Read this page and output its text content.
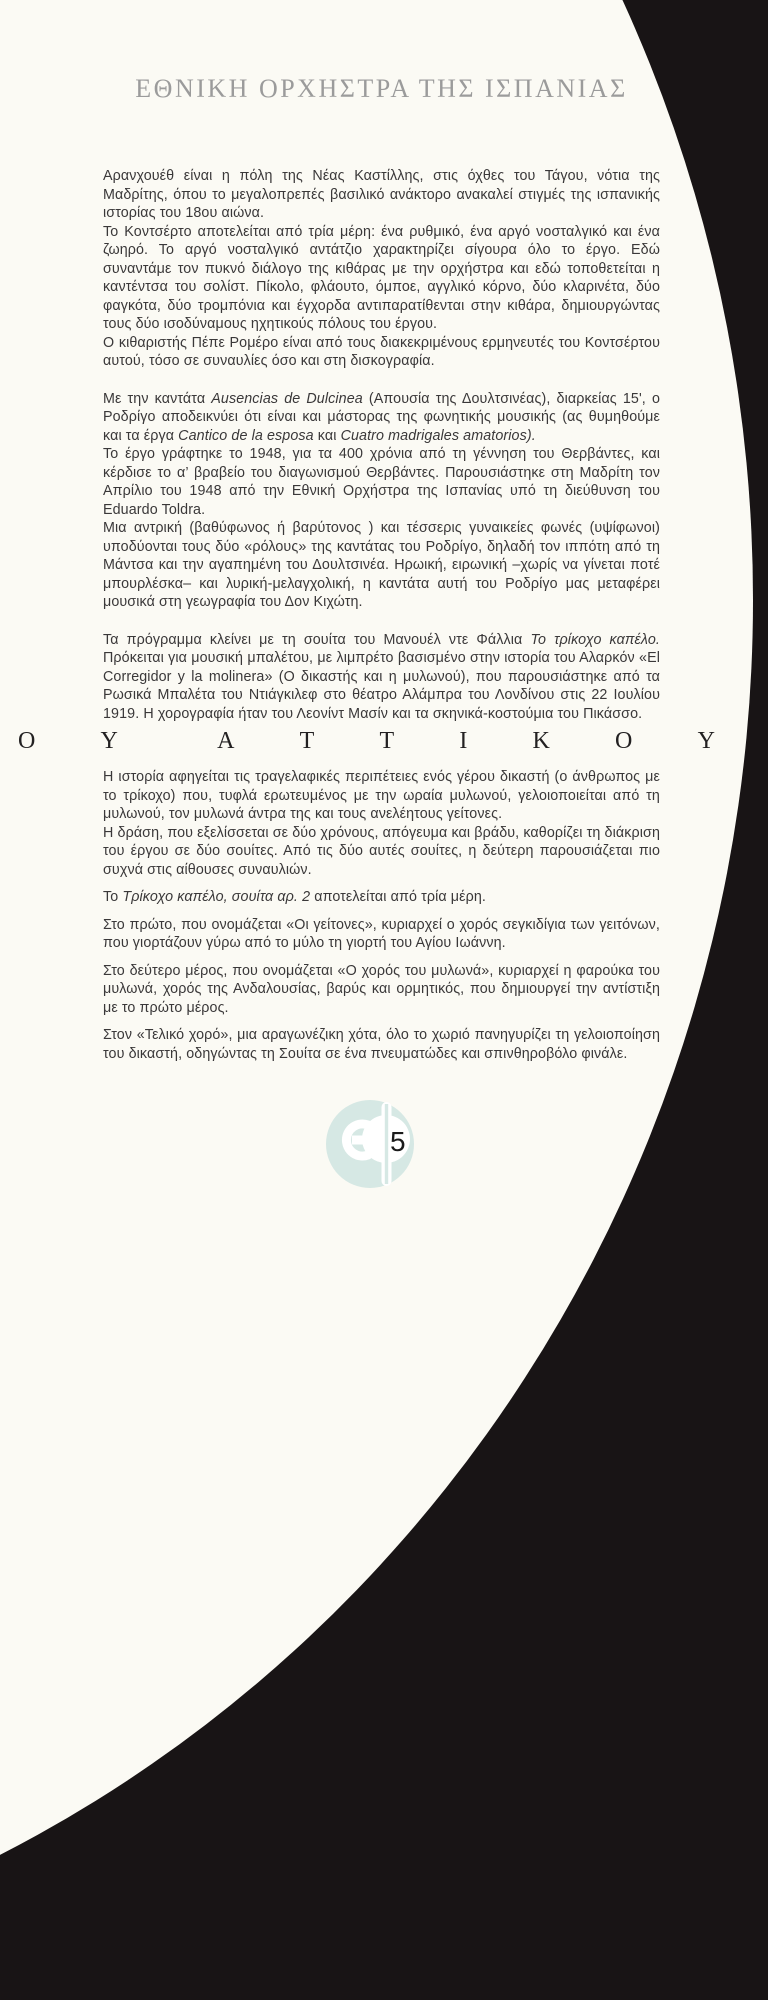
ΕΘΝΙΚΗ ΟΡΧΗΣΤΡΑ ΤΗΣ ΙΣΠΑΝΙΑΣ

Αρανχουέθ είναι η πόλη της Νέας Καστίλλης, στις όχθες του Τάγου, νότια της Μαδρίτης, όπου το μεγαλοπρεπές βασιλικό ανάκτορο ανακαλεί στιγμές της ισπανικής ιστορίας του 18ου αιώνα.

Το Κοντσέρτο αποτελείται από τρία μέρη: ένα ρυθμικό, ένα αργό νοσταλγικό και ένα ζωηρό. Το αργό νοσταλγικό αντάτζιο χαρακτηρίζει σίγουρα όλο το έργο. Εδώ συναντάμε τον πυκνό διάλογο της κιθάρας με την ορχήστρα και εδώ τοποθετείται η καντέντσα του σολίστ. Πίκολο, φλάουτο, όμποε, αγγλικό κόρνο, δύο κλαρινέτα, δύο φαγκότα, δύο τρομπόνια και έγχορδα αντιπαρατίθενται στην κιθάρα, δημιουργώντας τους δύο ισοδύναμους ηχητικούς πόλους του έργου.

Ο κιθαριστής Πέπε Ρομέρο είναι από τους διακεκριμένους ερμηνευτές του Κοντσέρτου αυτού, τόσο σε συναυλίες όσο και στη δισκογραφία.

Με την καντάτα Ausencias de Dulcinea (Απουσία της Δουλτσινέας), διαρκείας 15', ο Ροδρίγο αποδεικνύει ότι είναι και μάστορας της φωνητικής μουσικής (ας θυμηθούμε και τα έργα Cantico de la esposa και Cuatro madrigales amatorios).

Το έργο γράφτηκε το 1948, για τα 400 χρόνια από τη γέννηση του Θερβάντες, και κέρδισε το α’ βραβείο του διαγωνισμού Θερβάντες. Παρουσιάστηκε στη Μαδρίτη τον Απρίλιο του 1948 από την Εθνική Ορχήστρα της Ισπανίας υπό τη διεύθυνση του Eduardo Toldra.

Μια αντρική (βαθύφωνος ή βαρύτονος ) και τέσσερις γυναικείες φωνές (υψίφωνοι) υποδύονται τους δύο «ρόλους» της καντάτας του Ροδρίγο, δηλαδή τον ιππότη από τη Μάντσα και την αγαπημένη του Δουλτσινέα. Ηρωική, ειρωνική –χωρίς να γίνεται ποτέ μπουρλέσκα– και λυρική-μελαγχολική, η καντάτα αυτή του Ροδρίγο μας μεταφέρει μουσικά στη γεωγραφία του Δον Κιχώτη.

Τα πρόγραμμα κλείνει με τη σουίτα του Μανουέλ ντε Φάλλια Το τρίκοχο καπέλο. Πρόκειται για μουσική μπαλέτου, με λιμπρέτο βασισμένο στην ιστορία του Αλαρκόν «El Corregidor y la molinera» (Ο δικαστής και η μυλωνού), που παρουσιάστηκε από τα Ρωσικά Μπαλέτα του Ντιάγκιλεφ στο θέατρο Αλάμπρα του Λονδίνου στις 22 Ιουλίου 1919. Η χορογραφία ήταν του Λεονίντ Μασίν και τα σκηνικά-κοστούμια του Πικάσσο.

Ο	Υ	Α	Τ	Τ	Ι	Κ	Ο	Υ

Η ιστορία αφηγείται τις τραγελαφικές περιπέτειες ενός γέρου δικαστή (ο άνθρωπος με το τρίκοχο) που, τυφλά ερωτευμένος με την ωραία μυλωνού, γελοιοποιείται από τη μυλωνού, τον μυλωνά άντρα της και τους ανελέητους γείτονες.

Η δράση, που εξελίσσεται σε δύο χρόνους, απόγευμα και βράδυ, καθορίζει τη διάκριση του έργου σε δύο σουίτες. Από τις δύο αυτές σουίτες, η δεύτερη παρουσιάζεται πιο συχνά στις αίθουσες συναυλιών.

Το Τρίκοχο καπέλο, σουίτα αρ. 2 αποτελείται από τρία μέρη.

Στο πρώτο, που ονομάζεται «Οι γείτονες», κυριαρχεί ο χορός σεγκιδίγια των γειτόνων, που γιορτάζουν γύρω από το μύλο τη γιορτή του Αγίου Ιωάννη.

Στο δεύτερο μέρος, που ονομάζεται «Ο χορός του μυλωνά», κυριαρχεί η φαρούκα του μυλωνά, χορός της Ανδαλουσίας, βαρύς και ορμητικός, που δημιουργεί την αντίστιξη με το πρώτο μέρος.

Στον «Τελικό χορό», μια αραγωνέζικη χότα, όλο το χωριό πανηγυρίζει τη γελοιοποίηση του δικαστή, οδηγώντας τη Σουίτα σε ένα πνευματώδες και σπινθηροβόλο φινάλε.

5
